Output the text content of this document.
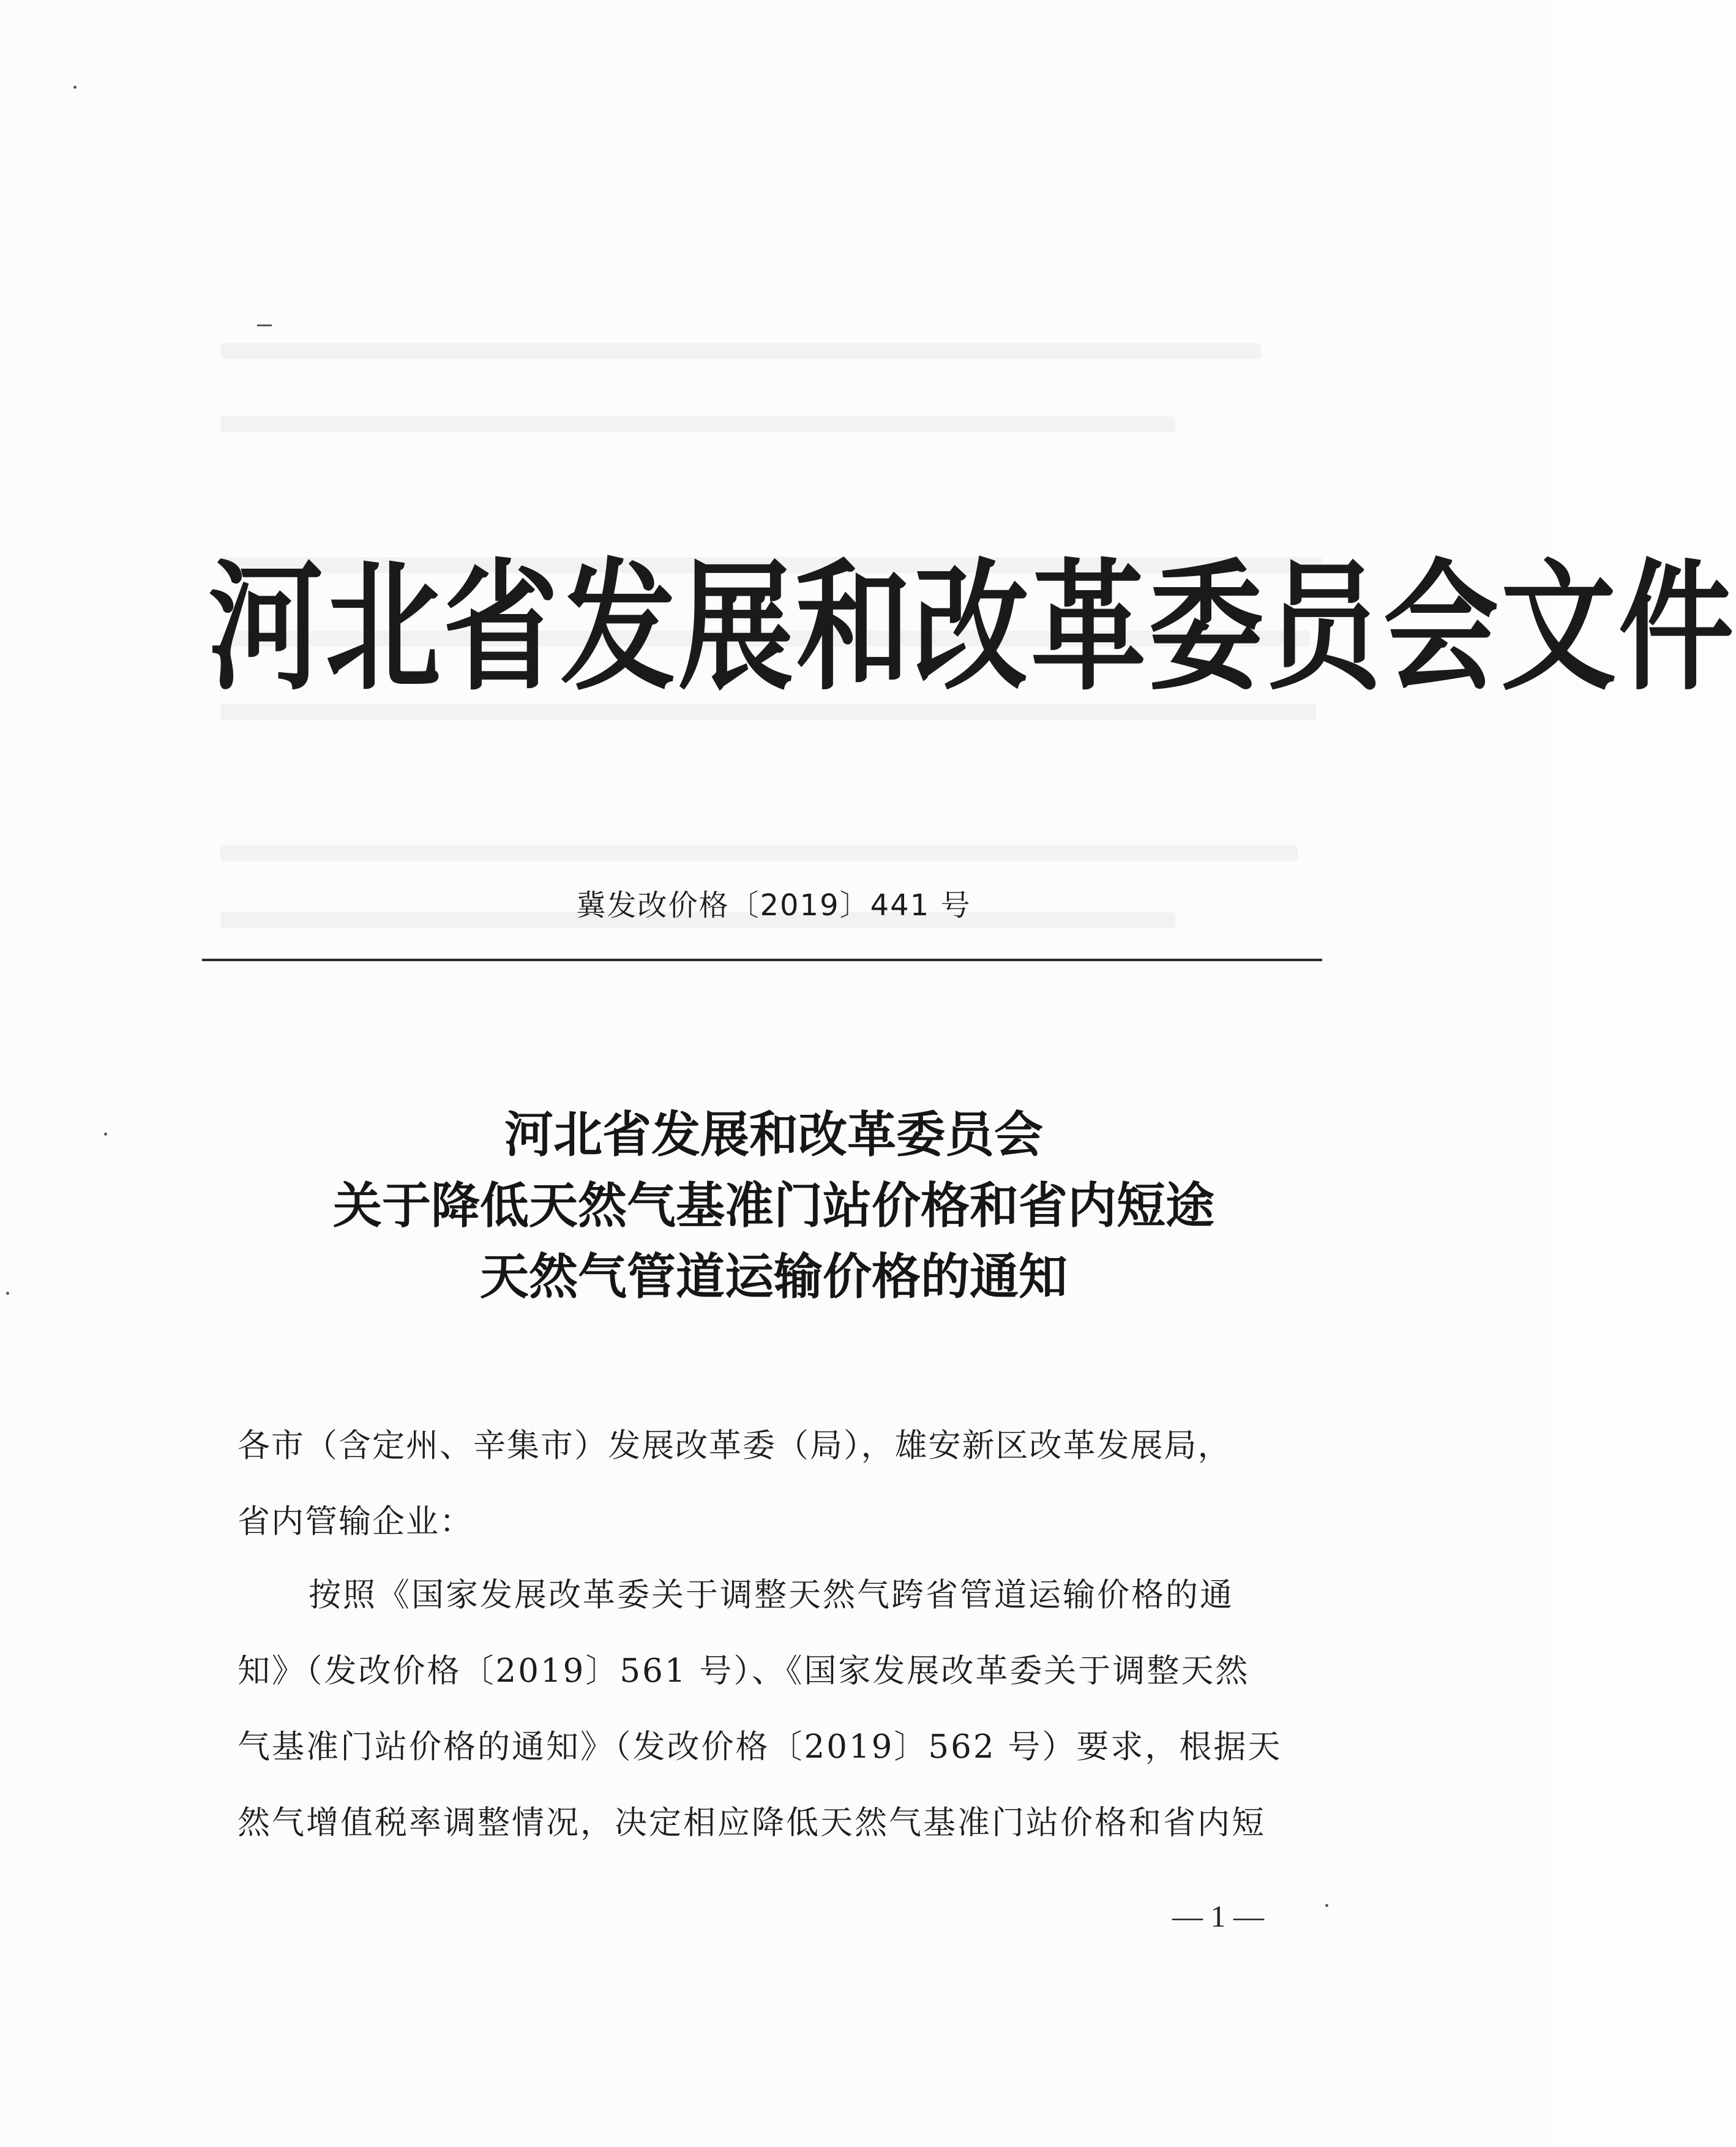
河北省发展和改革委员会文件
冀发改价格〔2019〕441 号
河北省发展和改革委员会
关于降低天然气基准门站价格和省内短途
天然气管道运输价格的通知
各市（含定州、辛集市）发展改革委（局），雄安新区改革发展局，
省内管输企业：
按照《国家发展改革委关于调整天然气跨省管道运输价格的通
知》（发改价格〔2019〕561 号）、《国家发展改革委关于调整天然
气基准门站价格的通知》（发改价格〔2019〕562 号）要求，根据天
然气增值税率调整情况，决定相应降低天然气基准门站价格和省内短
— 1 —
